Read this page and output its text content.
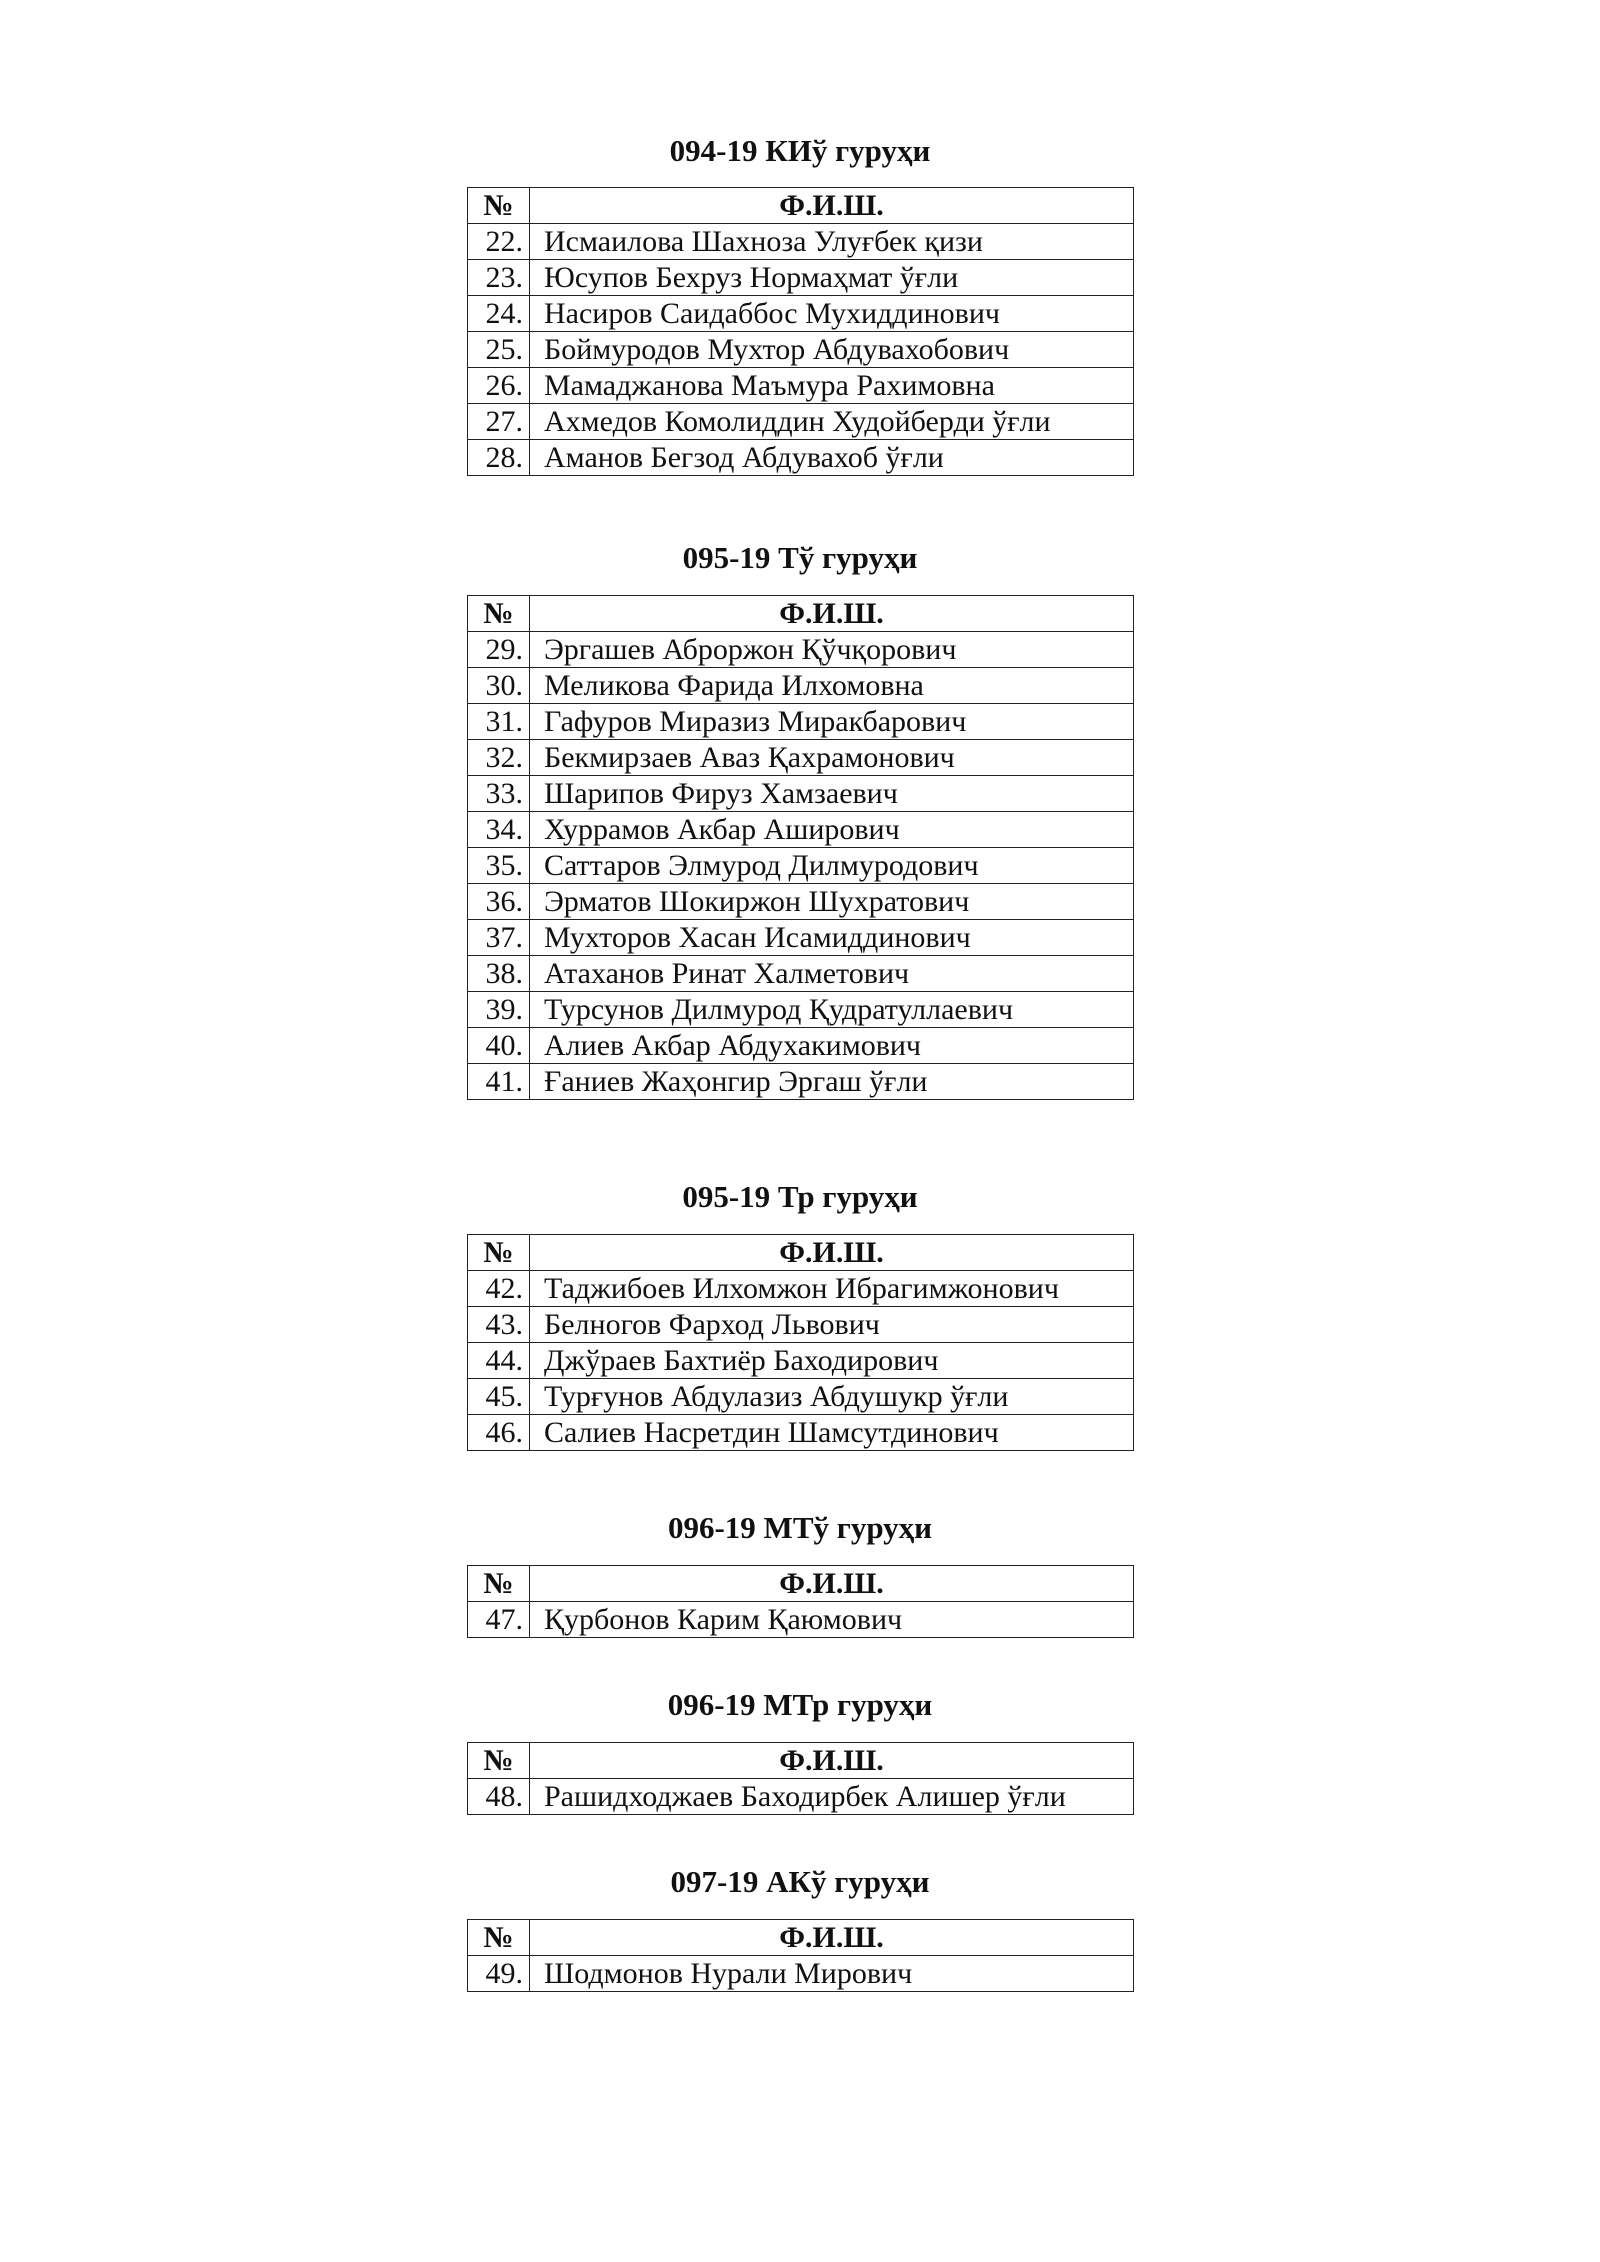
094-19 КИў гуруҳи
№	Ф.И.Ш.
22.	Исмаилова Шахноза Улуғбек қизи
23.	Юсупов Бехруз Нормаҳмат ўғли
24.	Насиров Саидаббос Мухиддинович
25.	Боймуродов Мухтор Абдувахобович
26.	Мамаджанова Маъмура Рахимовна
27.	Ахмедов Комолиддин Худойберди ўғли
28.	Аманов Бегзод Абдувахоб ўғли
095-19 Тў гуруҳи
№	Ф.И.Ш.
29.	Эргашев Аброржон Қўчқорович
30.	Меликова Фарида Илхомовна
31.	Гафуров Миразиз Миракбарович
32.	Бекмирзаев Аваз Қахрамонович
33.	Шарипов Фируз Хамзаевич
34.	Хуррамов Акбар Аширович
35.	Саттаров Элмурод Дилмуродович
36.	Эрматов Шокиржон Шухратович
37.	Мухторов Хасан Исамиддинович
38.	Атаханов Ринат Халметович
39.	Турсунов Дилмурод Қудратуллаевич
40.	Алиев Акбар Абдухакимович
41.	Ғаниев Жаҳонгир Эргаш ўғли
095-19 Тр гуруҳи
№	Ф.И.Ш.
42.	Таджибоев Илхомжон Ибрагимжонович
43.	Белногов Фарход Львович
44.	Джўраев Бахтиёр Баходирович
45.	Турғунов Абдулазиз Абдушукр ўғли
46.	Салиев Насретдин Шамсутдинович
096-19 МТў гуруҳи
№	Ф.И.Ш.
47.	Қурбонов Карим Қаюмович
096-19 МТр гуруҳи
№	Ф.И.Ш.
48.	Рашидходжаев Баходирбек Алишер ўғли
097-19 АКў гуруҳи
№	Ф.И.Ш.
49.	Шодмонов Нурали Мирович
